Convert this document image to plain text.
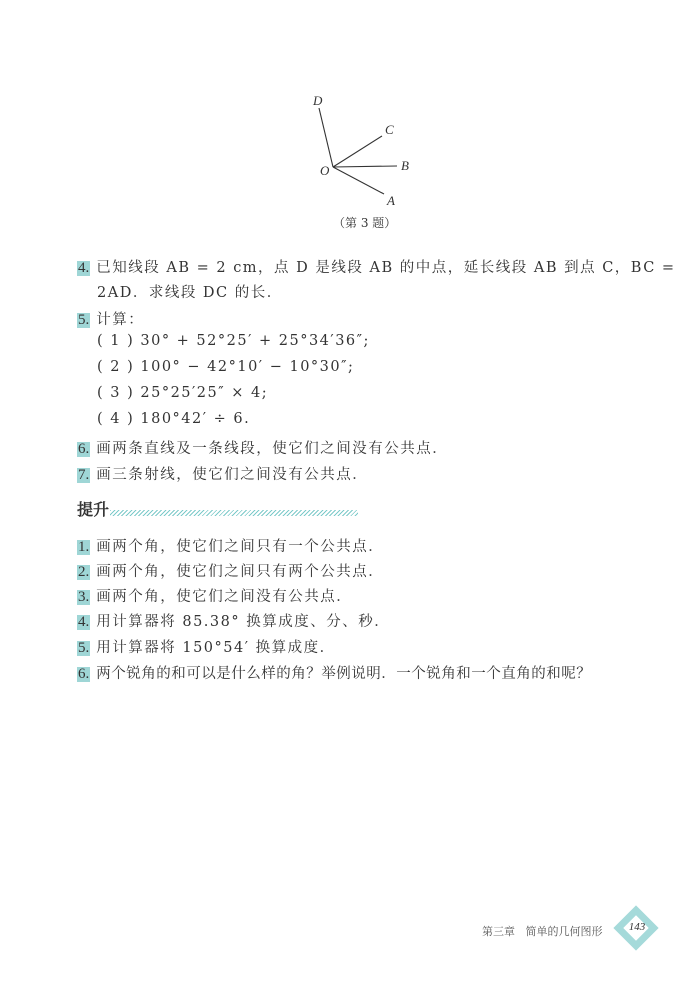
D
C
B
O
A
（第 3 题）
4. 已知线段 AB = 2 cm，点 D 是线段 AB 的中点，延长线段 AB 到点 C，BC =
2AD．求线段 DC 的长．
5. 计算：
( 1 ) 30° + 52°25′ + 25°34′36″;
( 2 ) 100° − 42°10′ − 10°30″;
( 3 ) 25°25′25″ × 4;
( 4 ) 180°42′ ÷ 6.
6. 画两条直线及一条线段，使它们之间没有公共点．
7. 画三条射线，使它们之间没有公共点．
提升
1. 画两个角，使它们之间只有一个公共点．
2. 画两个角，使它们之间只有两个公共点．
3. 画两个角，使它们之间没有公共点．
4. 用计算器将 85.38° 换算成度、分、秒．
5. 用计算器将 150°54′ 换算成度．
6. 两个锐角的和可以是什么样的角？举例说明．一个锐角和一个直角的和呢？
第三章 简单的几何图形	143
